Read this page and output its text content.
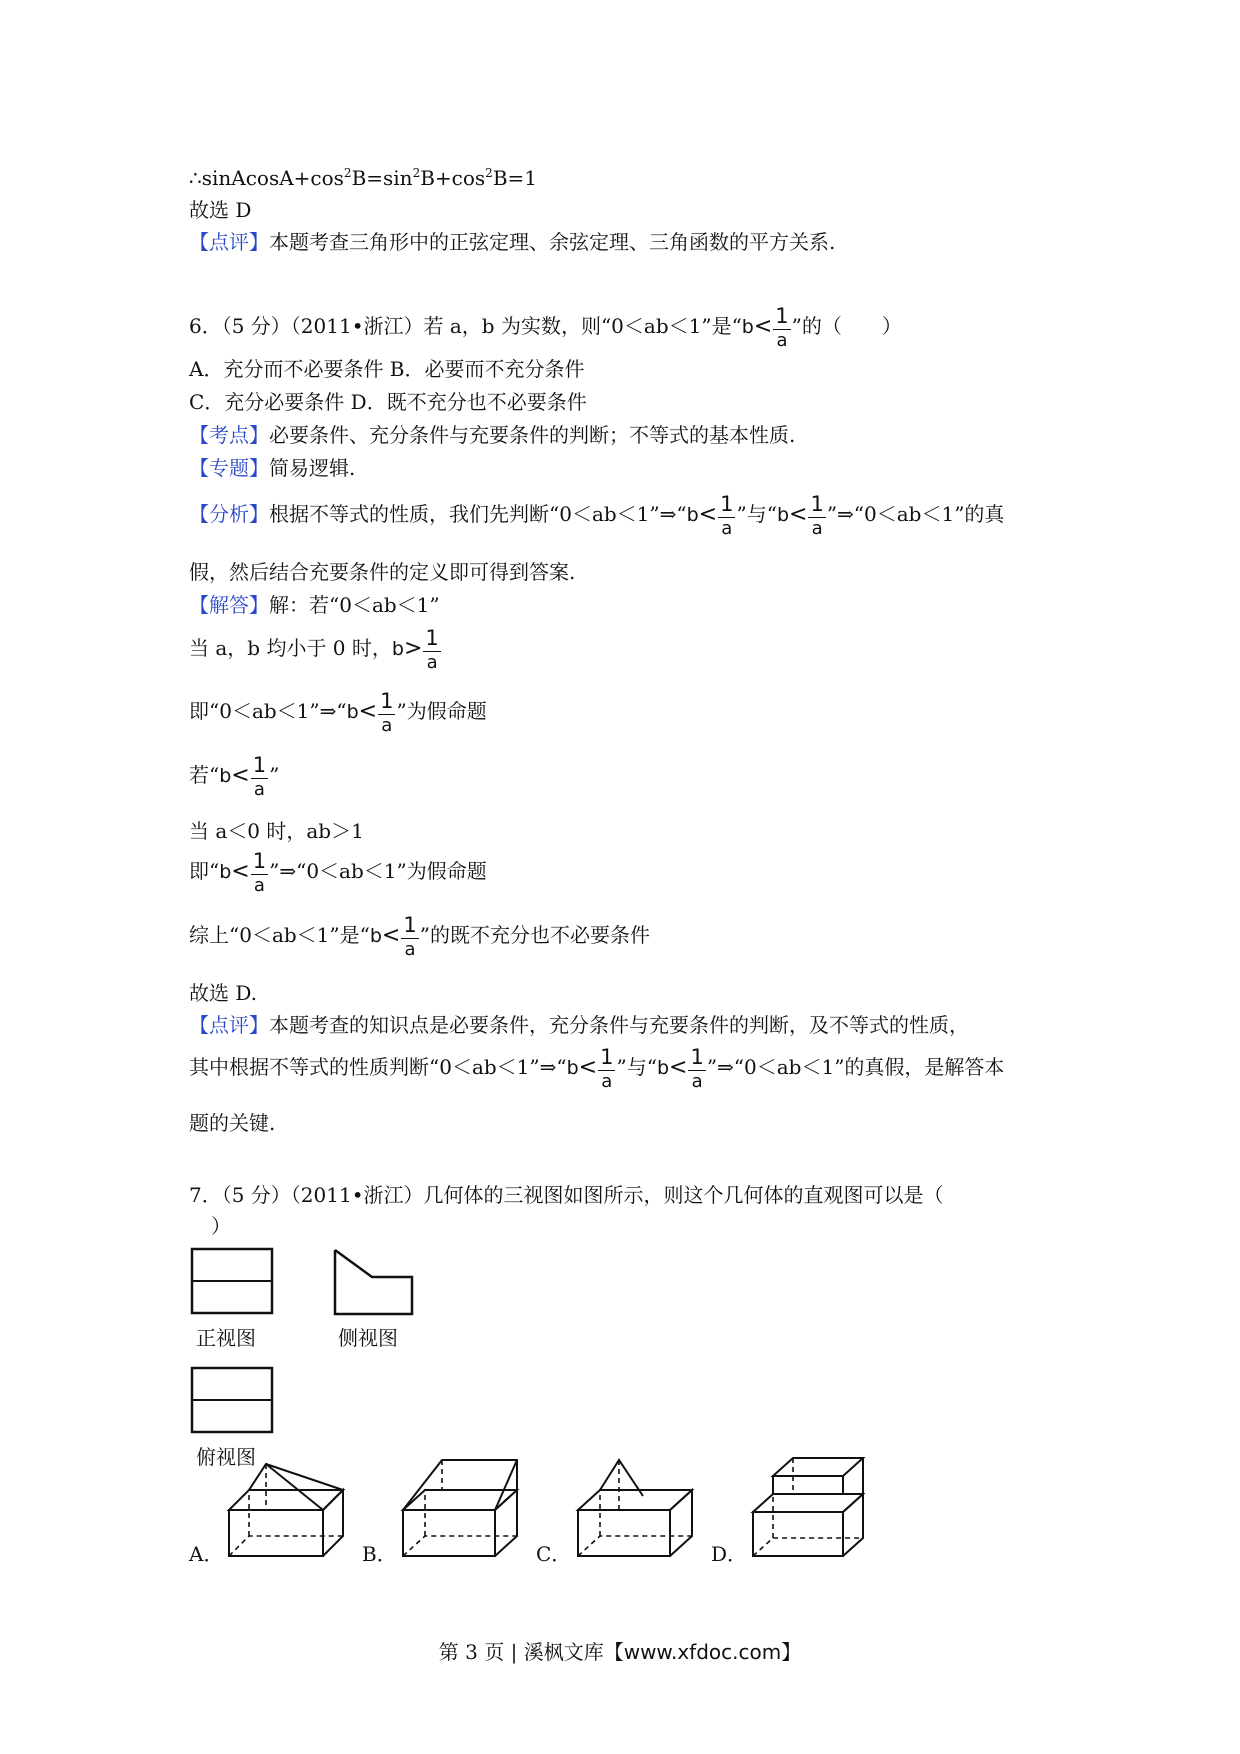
$\therefore sinAcosA+\cos^2B=\sin^2B+\cos^2B=1$
故选 D
【点评】本题考查三角形中的正弦定理、余弦定理、三角函数的平方关系.
6．（5 分）（2011•浙江）若 a，b 为实数，则“0＜ab＜1”是“$b< \frac{1}{a}$ ”的（　　）
A．充分而不必要条件 B．必要而不充分条件
C．充分必要条件 D．既不充分也不必要条件
【考点】必要条件、充分条件与充要条件的判断；不等式的基本性质.
【专题】简易逻辑.
【分析】根据不等式的性质，我们先判断“0＜ab＜1”⇒“b< $\frac{1}{a}$ ”与“$b< \frac{1}{a}$ ”⇒“0＜ab＜1”的真
假，然后结合充要条件的定义即可得到答案.
【解答】解：若“0＜ab＜1”
当 a，b 均小于 0 时，$b> \frac{1}{a}$
即“0＜ab＜1”⇒“b< $\frac{1}{a}$ ”为假命题
若“$b< \frac{1}{a}$ ”
当 a＜0 时，ab＞1
即“$b< \frac{1}{a}$ ”⇒“0＜ab＜1”为假命题
综上“0＜ab＜1”是“$b< \frac{1}{a}$ ”的既不充分也不必要条件
故选 D.
【点评】本题考查的知识点是必要条件，充分条件与充要条件的判断，及不等式的性质，
其中根据不等式的性质判断“0＜ab＜1”⇒“b< $\frac{1}{a}$ ”与“$b< \frac{1}{a}$ ”⇒“0＜ab＜1”的真假，是解答本
题的关键.
7．（5 分）（2011•浙江）几何体的三视图如图所示，则这个几何体的直观图可以是（
）
正视图	侧视图
俯视图
A．	B．	C．	D．
第 3 页 | 溪枫文库【www.xfdoc.com】
